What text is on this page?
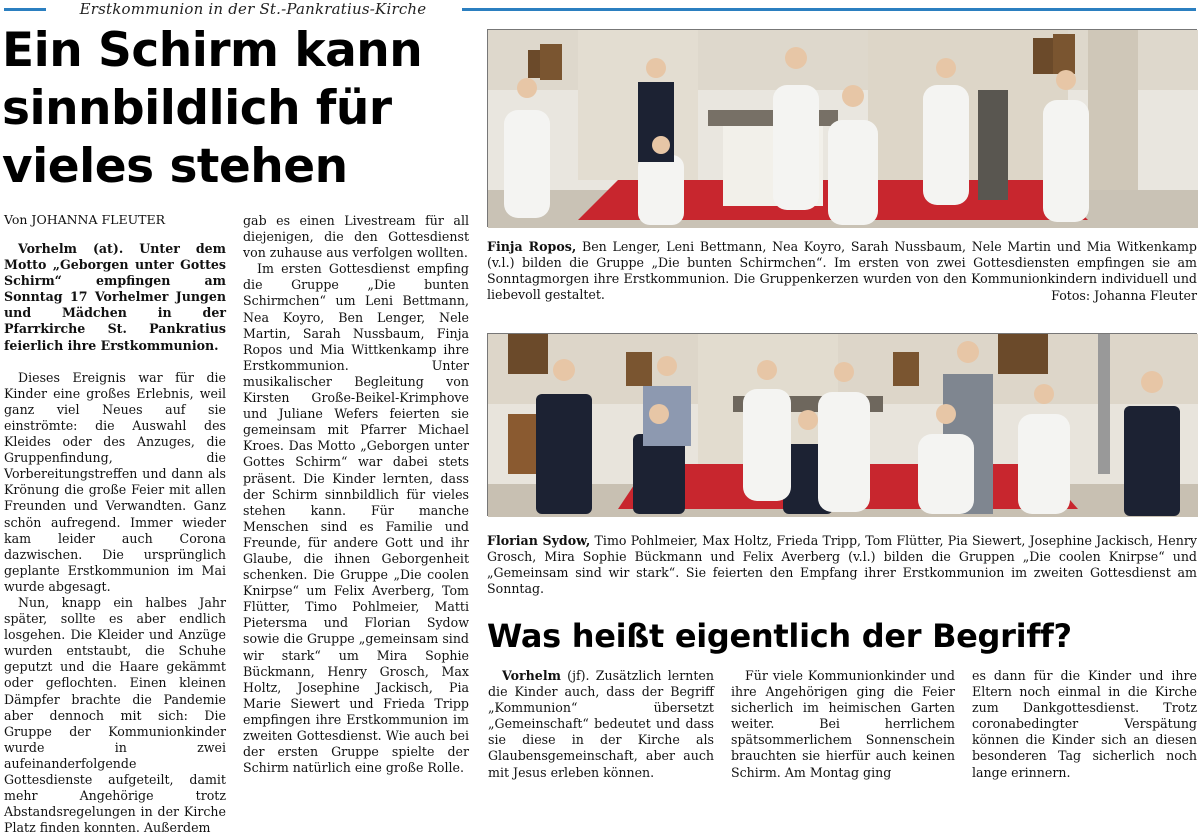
Erstkommunion in der St.-Pankratius-Kirche
Ein Schirm kann sinnbildlich für vieles stehen
Von JOHANNA FLEUTER

Vorhelm (at). Unter dem Motto „Geborgen unter Gottes Schirm“ empfingen am Sonntag 17 Vorhelmer Jungen und Mädchen in der Pfarrkirche St. Pankratius feierlich ihre Erstkommunion.

Dieses Ereignis war für die Kinder eine großes Erlebnis, weil ganz viel Neues auf sie einströmte: die Auswahl des Kleides oder des Anzuges, die Gruppenfindung, die Vorbereitungstreffen und dann als Krönung die große Feier mit allen Freunden und Verwandten. Ganz schön aufregend. Immer wieder kam leider auch Corona dazwischen. Die ursprünglich geplante Erstkommunion im Mai wurde abgesagt.

Nun, knapp ein halbes Jahr später, sollte es aber endlich losgehen. Die Kleider und Anzüge wurden entstaubt, die Schuhe geputzt und die Haare gekämmt oder geflochten. Einen kleinen Dämpfer brachte die Pandemie aber dennoch mit sich: Die Gruppe der Kommunionkinder wurde in zwei aufeinanderfolgende Gottesdienste aufgeteilt, damit mehr Angehörige trotz Abstandsregelungen in der Kirche Platz finden konnten. Außerdem

gab es einen Livestream für all diejenigen, die den Gottesdienst von zuhause aus verfolgen wollten.

Im ersten Gottesdienst empfing die Gruppe „Die bunten Schirmchen“ um Leni Bettmann, Nea Koyro, Ben Lenger, Nele Martin, Sarah Nussbaum, Finja Ropos und Mia Wittkenkamp ihre Erstkommunion. Unter musikalischer Begleitung von Kirsten Große-Beikel-Krimphove und Juliane Wefers feierten sie gemeinsam mit Pfarrer Michael Kroes. Das Motto „Geborgen unter Gottes Schirm“ war dabei stets präsent. Die Kinder lernten, dass der Schirm sinnbildlich für vieles stehen kann. Für manche Menschen sind es Familie und Freunde, für andere Gott und ihr Glaube, die ihnen Geborgenheit schenken. Die Gruppe „Die coolen Knirpse“ um Felix Averberg, Tom Flütter, Timo Pohlmeier, Matti Pietersma und Florian Sydow sowie die Gruppe „gemeinsam sind wir stark“ um Mira Sophie Bückmann, Henry Grosch, Max Holtz, Josephine Jackisch, Pia Marie Siewert und Frieda Tripp empfingen ihre Erstkommunion im zweiten Gottesdienst. Wie auch bei der ersten Gruppe spielte der Schirm natürlich eine große Rolle.

Finja Ropos, Ben Lenger, Leni Bettmann, Nea Koyro, Sarah Nussbaum, Nele Martin und Mia Witkenkamp (v.l.) bilden die Gruppe „Die bunten Schirmchen“. Im ersten von zwei Gottesdiensten empfingen sie am Sonntagmorgen ihre Erstkommunion. Die Gruppenkerzen wurden von den Kommunionkindern individuell und liebevoll gestaltet.	Fotos: Johanna Fleuter
Florian Sydow, Timo Pohlmeier, Max Holtz, Frieda Tripp, Tom Flütter, Pia Siewert, Josephine Jackisch, Henry Grosch, Mira Sophie Bückmann und Felix Averberg (v.l.) bilden die Gruppen „Die coolen Knirpse“ und „Gemeinsam sind wir stark“. Sie feierten den Empfang ihrer Erstkommunion im zweiten Gottesdienst am Sonntag.
Was heißt eigentlich der Begriff?

Vorhelm (jf). Zusätzlich lernten die Kinder auch, dass der Begriff „Kommunion“ übersetzt „Gemeinschaft“ bedeutet und dass sie diese in der Kirche als Glaubensgemeinschaft, aber auch mit Jesus erleben können.

Für viele Kommunionkinder und ihre Angehörigen ging die Feier sicherlich im heimischen Garten weiter. Bei herrlichem spätsommerlichem Sonnenschein brauchten sie hierfür auch keinen Schirm. Am Montag ging

es dann für die Kinder und ihre Eltern noch einmal in die Kirche zum Dankgottesdienst. Trotz coronabedingter Verspätung können die Kinder sich an diesen besonderen Tag sicherlich noch lange erinnern.
